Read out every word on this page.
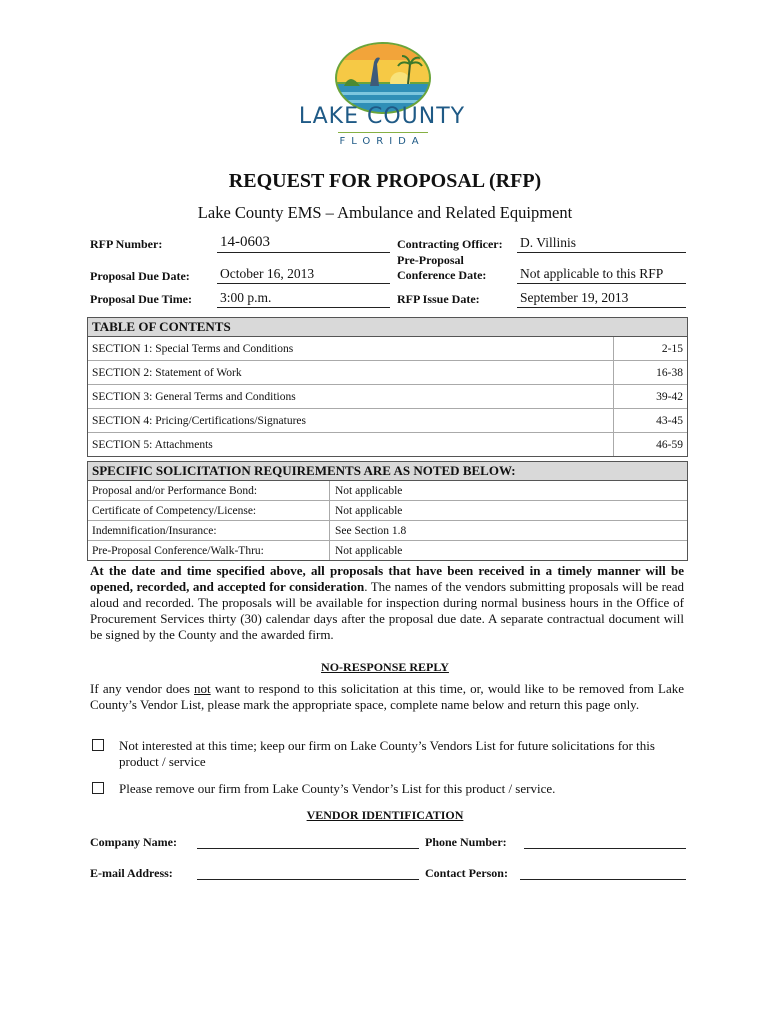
LAKE COUNTY
FLORIDA
REQUEST FOR PROPOSAL (RFP)
Lake County EMS – Ambulance and Related Equipment
RFP Number:	14-0603
Proposal Due Date: October 16, 2013
Proposal Due Time: 3:00 p.m.
Contracting Officer: D. Villinis
Pre-Proposal
Conference Date: Not applicable to this RFP
RFP Issue Date:	September 19, 2013
TABLE OF CONTENTS
SECTION 1: Special Terms and Conditions	2-15
SECTION 2: Statement of Work	16-38
SECTION 3: General Terms and Conditions	39-42
SECTION 4: Pricing/Certifications/Signatures	43-45
SECTION 5: Attachments	46-59
SPECIFIC SOLICITATION REQUIREMENTS ARE AS NOTED BELOW:
Proposal and/or Performance Bond:	Not applicable
Certificate of Competency/License:	Not applicable
Indemnification/Insurance:	See Section 1.8
Pre-Proposal Conference/Walk-Thru:	Not applicable
At the date and time specified above, all proposals that have been received in a timely manner will be opened, recorded, and accepted for consideration. The names of the vendors submitting proposals will be read aloud and recorded. The proposals will be available for inspection during normal business hours in the Office of Procurement Services thirty (30) calendar days after the proposal due date. A separate contractual document will be signed by the County and the awarded firm.
NO-RESPONSE REPLY
If any vendor does not want to respond to this solicitation at this time, or, would like to be removed from Lake County’s Vendor List, please mark the appropriate space, complete name below and return this page only.
Not interested at this time; keep our firm on Lake County’s Vendors List for future solicitations for this product / service
Please remove our firm from Lake County’s Vendor’s List for this product / service.
VENDOR IDENTIFICATION
Company Name:	Phone Number:
E-mail Address:	Contact Person:
